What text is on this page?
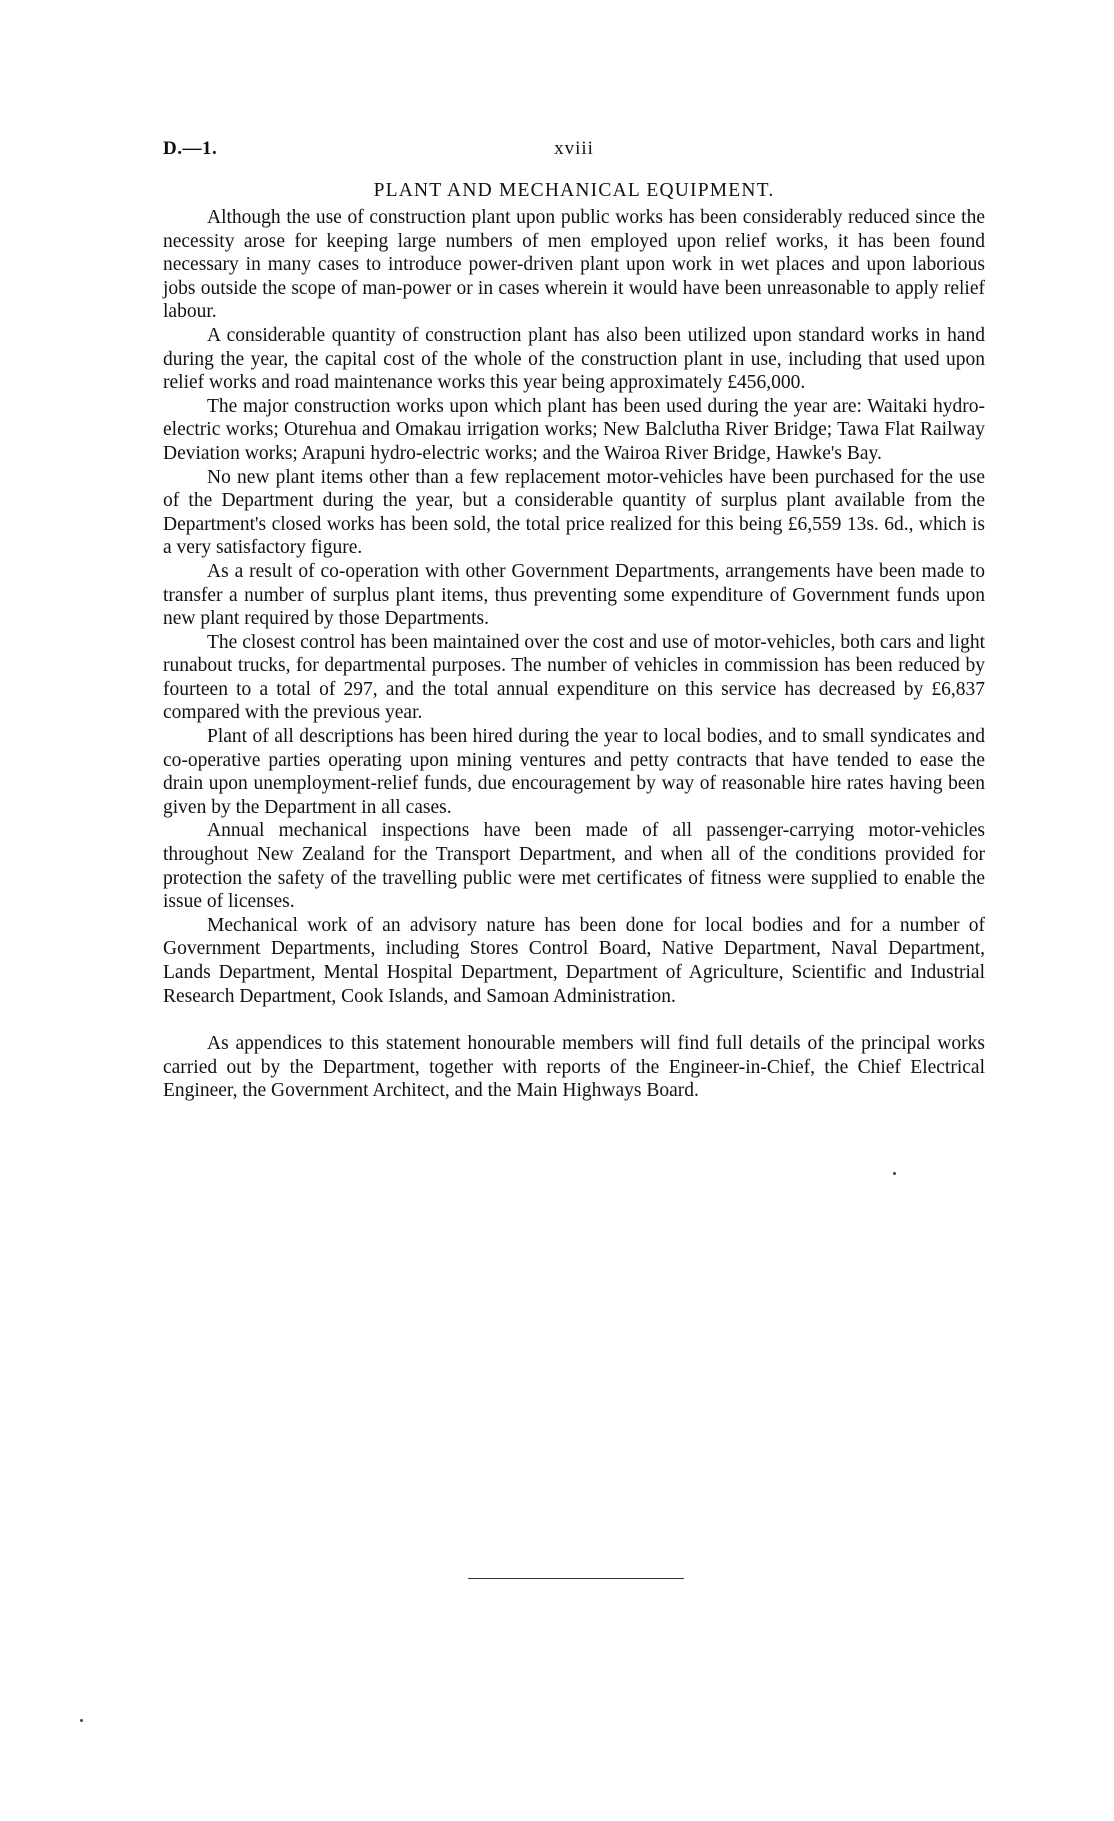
D.—1.	xviii
PLANT AND MECHANICAL EQUIPMENT.

Although the use of construction plant upon public works has been considerably reduced since the necessity arose for keeping large numbers of men employed upon relief works, it has been found necessary in many cases to introduce power-driven plant upon work in wet places and upon laborious jobs outside the scope of man-power or in cases wherein it would have been unreasonable to apply relief labour.

A considerable quantity of construction plant has also been utilized upon standard works in hand during the year, the capital cost of the whole of the construction plant in use, including that used upon relief works and road maintenance works this year being approximately £456,000.

The major construction works upon which plant has been used during the year are: Waitaki hydro-electric works; Oturehua and Omakau irrigation works; New Balclutha River Bridge; Tawa Flat Railway Deviation works; Arapuni hydro-electric works; and the Wairoa River Bridge, Hawke's Bay.

No new plant items other than a few replacement motor-vehicles have been purchased for the use of the Department during the year, but a considerable quantity of surplus plant available from the Department's closed works has been sold, the total price realized for this being £6,559 13s. 6d., which is a very satisfactory figure.

As a result of co-operation with other Government Departments, arrangements have been made to transfer a number of surplus plant items, thus preventing some expenditure of Government funds upon new plant required by those Departments.

The closest control has been maintained over the cost and use of motor-vehicles, both cars and light runabout trucks, for departmental purposes. The number of vehicles in commission has been reduced by fourteen to a total of 297, and the total annual expenditure on this service has decreased by £6,837 compared with the previous year.

Plant of all descriptions has been hired during the year to local bodies, and to small syndicates and co-operative parties operating upon mining ventures and petty contracts that have tended to ease the drain upon unemployment-relief funds, due encouragement by way of reasonable hire rates having been given by the Department in all cases.

Annual mechanical inspections have been made of all passenger-carrying motor-vehicles throughout New Zealand for the Transport Department, and when all of the conditions provided for protection the safety of the travelling public were met certificates of fitness were supplied to enable the issue of licenses.

Mechanical work of an advisory nature has been done for local bodies and for a number of Government Departments, including Stores Control Board, Native Department, Naval Department, Lands Department, Mental Hospital Department, Department of Agriculture, Scientific and Industrial Research Department, Cook Islands, and Samoan Administration.

As appendices to this statement honourable members will find full details of the principal works carried out by the Department, together with reports of the Engineer-in-Chief, the Chief Electrical Engineer, the Government Architect, and the Main Highways Board.
